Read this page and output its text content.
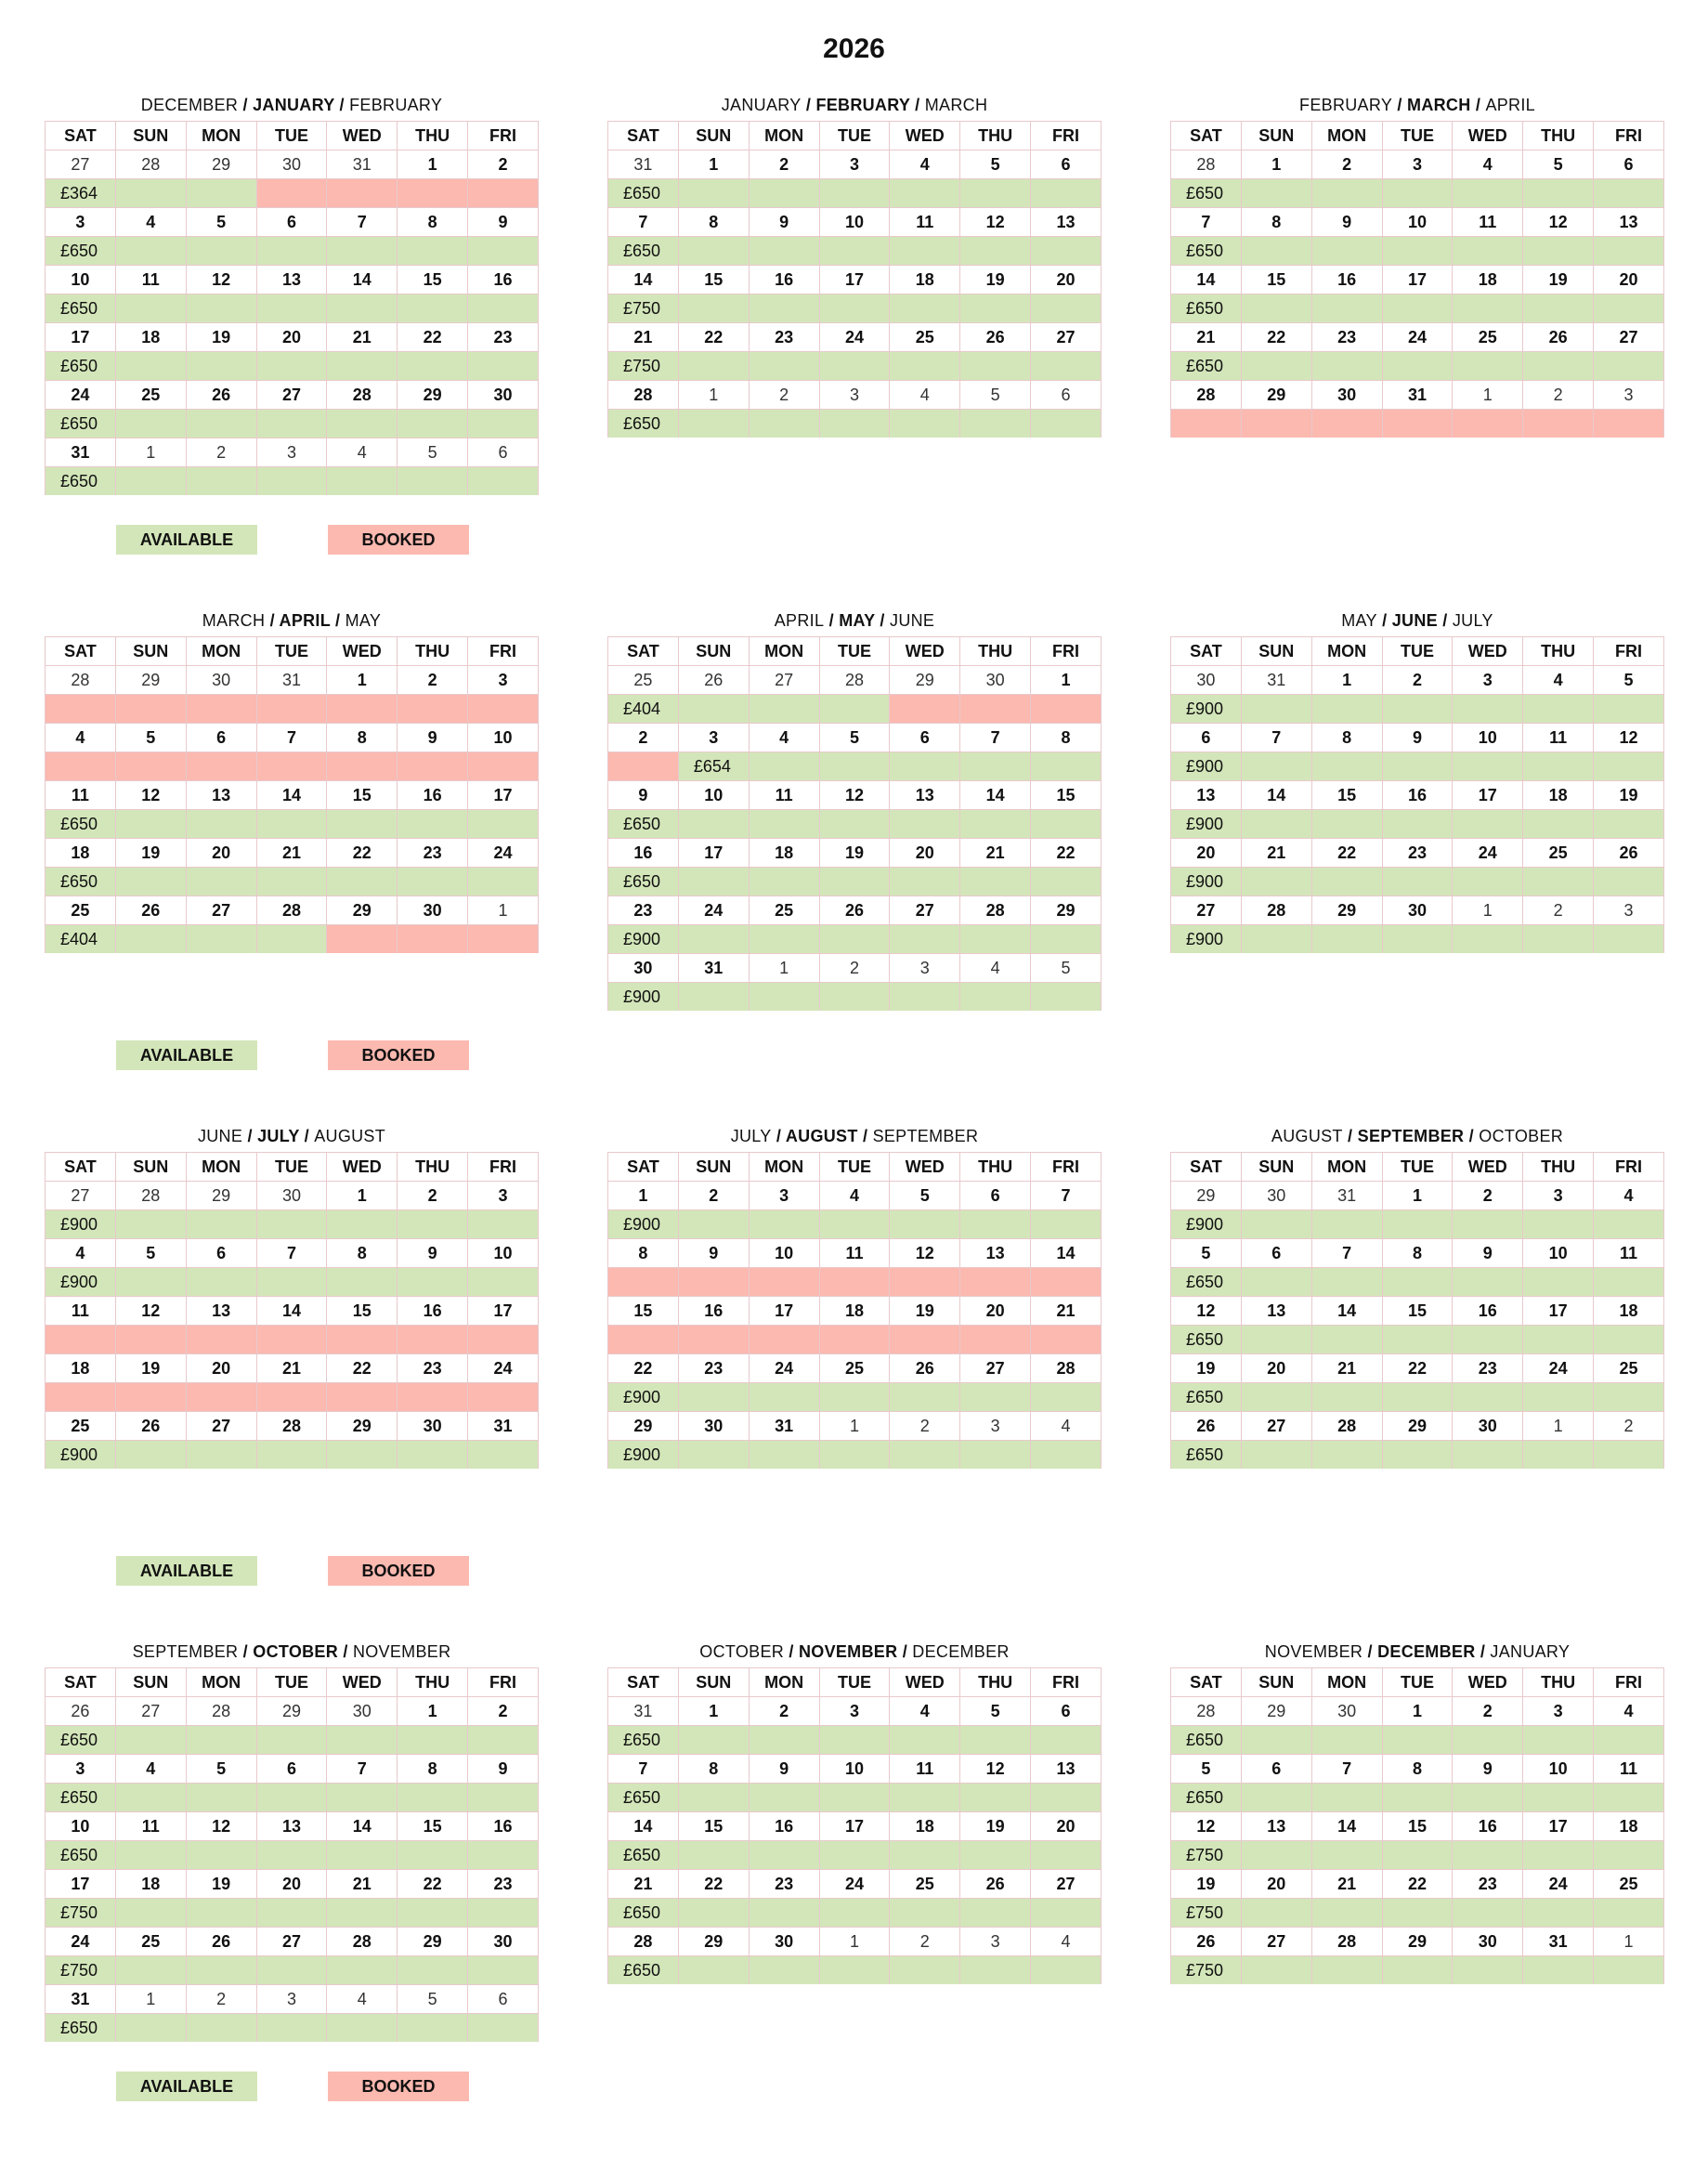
2026
DECEMBER / JANUARY / FEBRUARY
SAT	SUN	MON	TUE	WED	THU	FRI
27	28	29	30	31	1	2
£364						
3	4	5	6	7	8	9
£650						
10	11	12	13	14	15	16
£650						
17	18	19	20	21	22	23
£650						
24	25	26	27	28	29	30
£650						
31	1	2	3	4	5	6
£650						
JANUARY / FEBRUARY / MARCH
SAT	SUN	MON	TUE	WED	THU	FRI
31	1	2	3	4	5	6
£650						
7	8	9	10	11	12	13
£650						
14	15	16	17	18	19	20
£750						
21	22	23	24	25	26	27
£750						
28	1	2	3	4	5	6
£650						
FEBRUARY / MARCH / APRIL
SAT	SUN	MON	TUE	WED	THU	FRI
28	1	2	3	4	5	6
£650						
7	8	9	10	11	12	13
£650						
14	15	16	17	18	19	20
£650						
21	22	23	24	25	26	27
£650						
28	29	30	31	1	2	3

MARCH / APRIL / MAY
SAT	SUN	MON	TUE	WED	THU	FRI
28	29	30	31	1	2	3

4	5	6	7	8	9	10

11	12	13	14	15	16	17
£650						
18	19	20	21	22	23	24
£650						
25	26	27	28	29	30	1
£404						
APRIL / MAY / JUNE
SAT	SUN	MON	TUE	WED	THU	FRI
25	26	27	28	29	30	1
£404						
2	3	4	5	6	7	8
	£654					
9	10	11	12	13	14	15
£650						
16	17	18	19	20	21	22
£650						
23	24	25	26	27	28	29
£900						
30	31	1	2	3	4	5
£900						
MAY / JUNE / JULY
SAT	SUN	MON	TUE	WED	THU	FRI
30	31	1	2	3	4	5
£900						
6	7	8	9	10	11	12
£900						
13	14	15	16	17	18	19
£900						
20	21	22	23	24	25	26
£900						
27	28	29	30	1	2	3
£900						
JUNE / JULY / AUGUST
SAT	SUN	MON	TUE	WED	THU	FRI
27	28	29	30	1	2	3
£900						
4	5	6	7	8	9	10
£900						
11	12	13	14	15	16	17

18	19	20	21	22	23	24

25	26	27	28	29	30	31
£900						
JULY / AUGUST / SEPTEMBER
SAT	SUN	MON	TUE	WED	THU	FRI
1	2	3	4	5	6	7
£900						
8	9	10	11	12	13	14

15	16	17	18	19	20	21

22	23	24	25	26	27	28
£900						
29	30	31	1	2	3	4
£900						
AUGUST / SEPTEMBER / OCTOBER
SAT	SUN	MON	TUE	WED	THU	FRI
29	30	31	1	2	3	4
£900						
5	6	7	8	9	10	11
£650						
12	13	14	15	16	17	18
£650						
19	20	21	22	23	24	25
£650						
26	27	28	29	30	1	2
£650						
SEPTEMBER / OCTOBER / NOVEMBER
SAT	SUN	MON	TUE	WED	THU	FRI
26	27	28	29	30	1	2
£650						
3	4	5	6	7	8	9
£650						
10	11	12	13	14	15	16
£650						
17	18	19	20	21	22	23
£750						
24	25	26	27	28	29	30
£750						
31	1	2	3	4	5	6
£650						
OCTOBER / NOVEMBER / DECEMBER
SAT	SUN	MON	TUE	WED	THU	FRI
31	1	2	3	4	5	6
£650						
7	8	9	10	11	12	13
£650						
14	15	16	17	18	19	20
£650						
21	22	23	24	25	26	27
£650						
28	29	30	1	2	3	4
£650						
NOVEMBER / DECEMBER / JANUARY
SAT	SUN	MON	TUE	WED	THU	FRI
28	29	30	1	2	3	4
£650						
5	6	7	8	9	10	11
£650						
12	13	14	15	16	17	18
£750						
19	20	21	22	23	24	25
£750						
26	27	28	29	30	31	1
£750						
AVAILABLE	BOOKED
AVAILABLE	BOOKED
AVAILABLE	BOOKED
AVAILABLE	BOOKED
